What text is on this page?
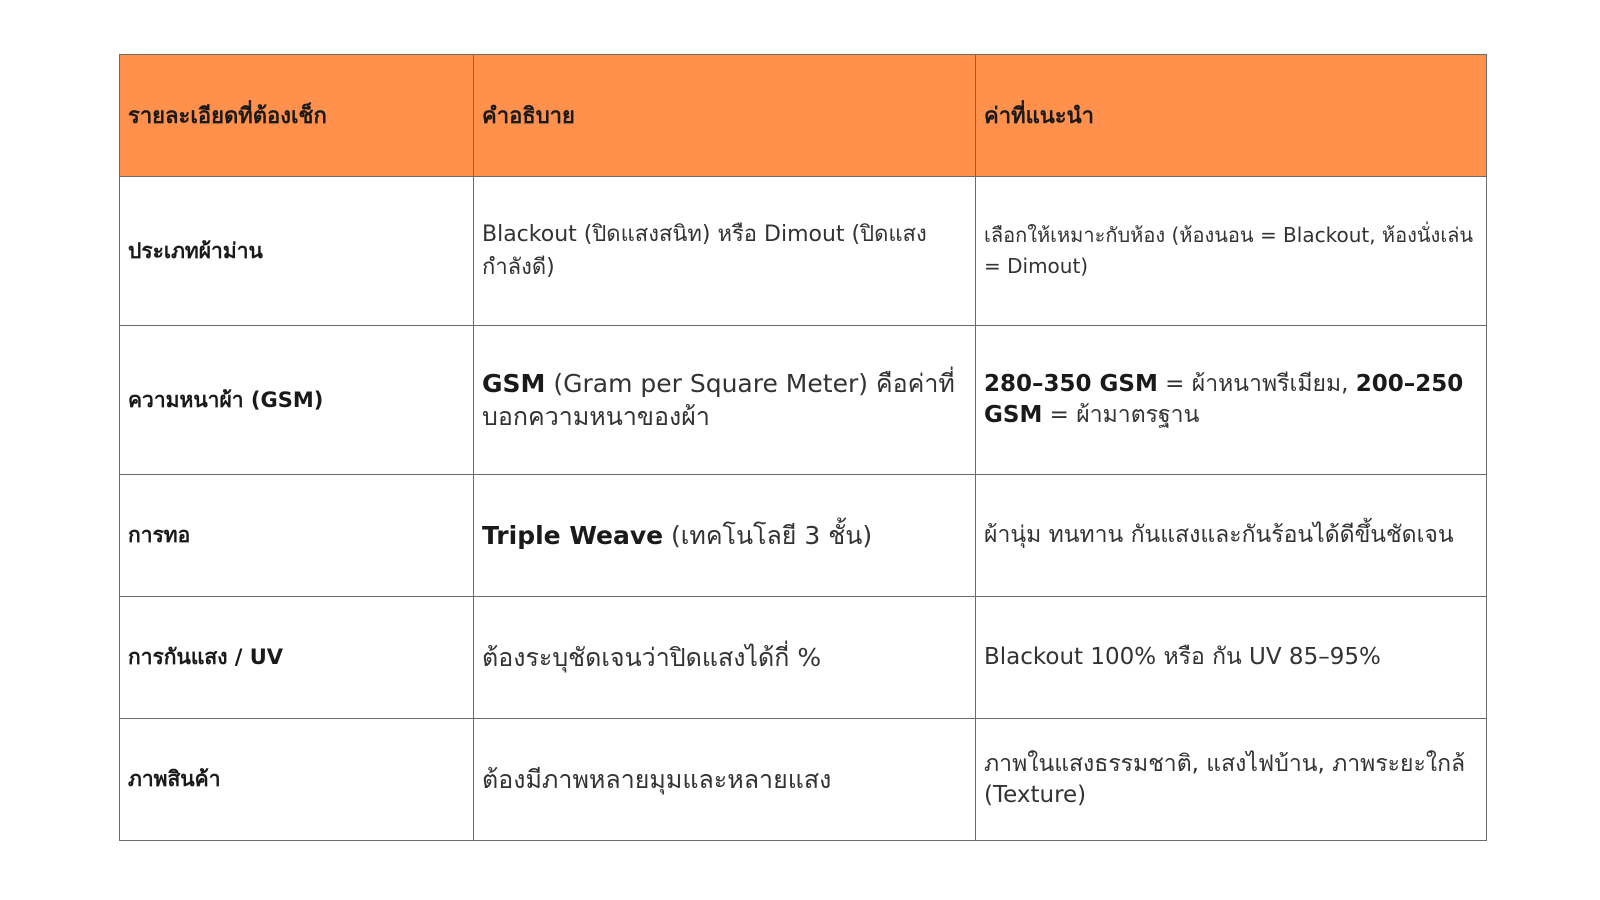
รายละเอียดที่ต้องเช็ก	คำอธิบาย	ค่าที่แนะนำ
ประเภทผ้าม่าน	Blackout (ปิดแสงสนิท) หรือ Dimout (ปิดแสงกำลังดี)	เลือกให้เหมาะกับห้อง (ห้องนอน = Blackout, ห้องนั่งเล่น = Dimout)
ความหนาผ้า (GSM)	GSM (Gram per Square Meter) คือค่าที่บอกความหนาของผ้า	280–350 GSM = ผ้าหนาพรีเมียม, 200–250 GSM = ผ้ามาตรฐาน
การทอ	Triple Weave (เทคโนโลยี 3 ชั้น)	ผ้านุ่ม ทนทาน กันแสงและกันร้อนได้ดีขึ้นชัดเจน
การกันแสง / UV	ต้องระบุชัดเจนว่าปิดแสงได้กี่ %	Blackout 100% หรือ กัน UV 85–95%
ภาพสินค้า	ต้องมีภาพหลายมุมและหลายแสง	ภาพในแสงธรรมชาติ, แสงไฟบ้าน, ภาพระยะใกล้ (Texture)
